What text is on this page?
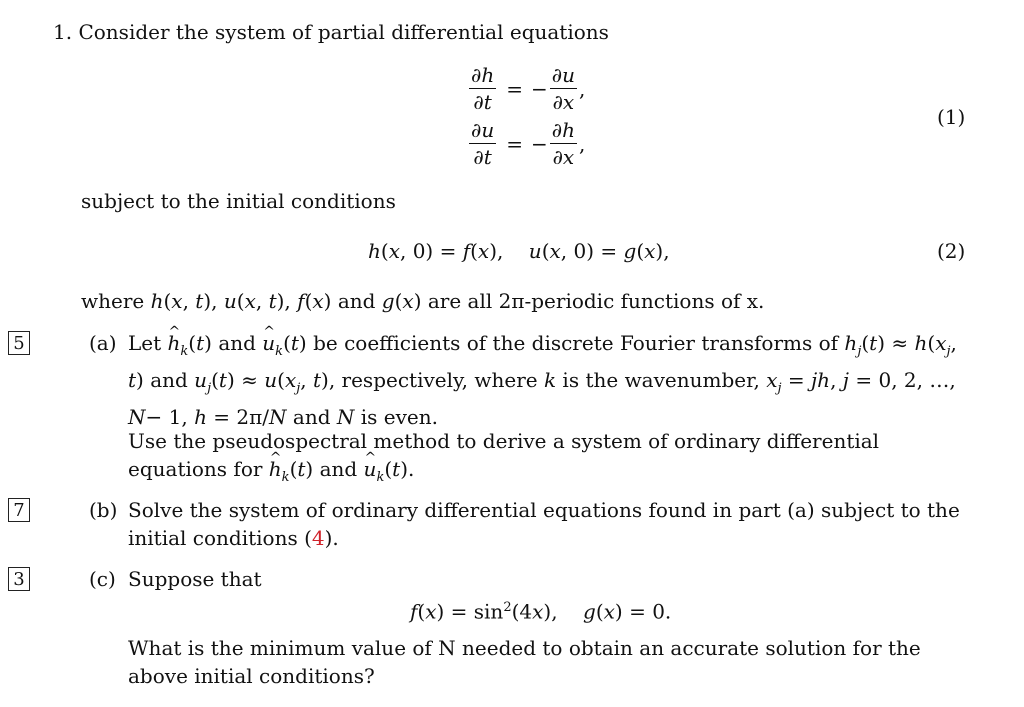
1. Consider the system of partial differential equations
$\frac{\partial h}{\partial t}$ = − $\frac{\partial u}{\partial x}$ ,
$\frac{\partial u}{\partial t}$ = − $\frac{\partial h}{\partial x}$ ,
(1)
subject to the initial conditions
h(x, 0) = f(x),    u(x, 0) = g(x),	(2)
where h(x, t), u(x, t), f(x) and g(x) are all 2π-periodic functions of x.
5	(a) Let ^ $h_k(t)$ and ^ $u_k(t)$ be coefficients of the discrete Fourier transforms of $h_j(t) \approx h(x_j$, t) and $u_j(t) \approx u(x_j$, t), respectively, where k is the wavenumber, $x_j$ = jh, j = 0, 2, …, N− 1, h = 2π/N and N is even.
Use the pseudospectral method to derive a system of ordinary differential equations for ^ $h_k(t)$ and ^ $u_k(t)$.
7	(b) Solve the system of ordinary differential equations found in part (a) subject to the initial conditions (4).
3	(c) Suppose that
$f(x) = \sin^2(4x)$,    g(x) = 0.
What is the minimum value of N needed to obtain an accurate solution for the above initial conditions?
